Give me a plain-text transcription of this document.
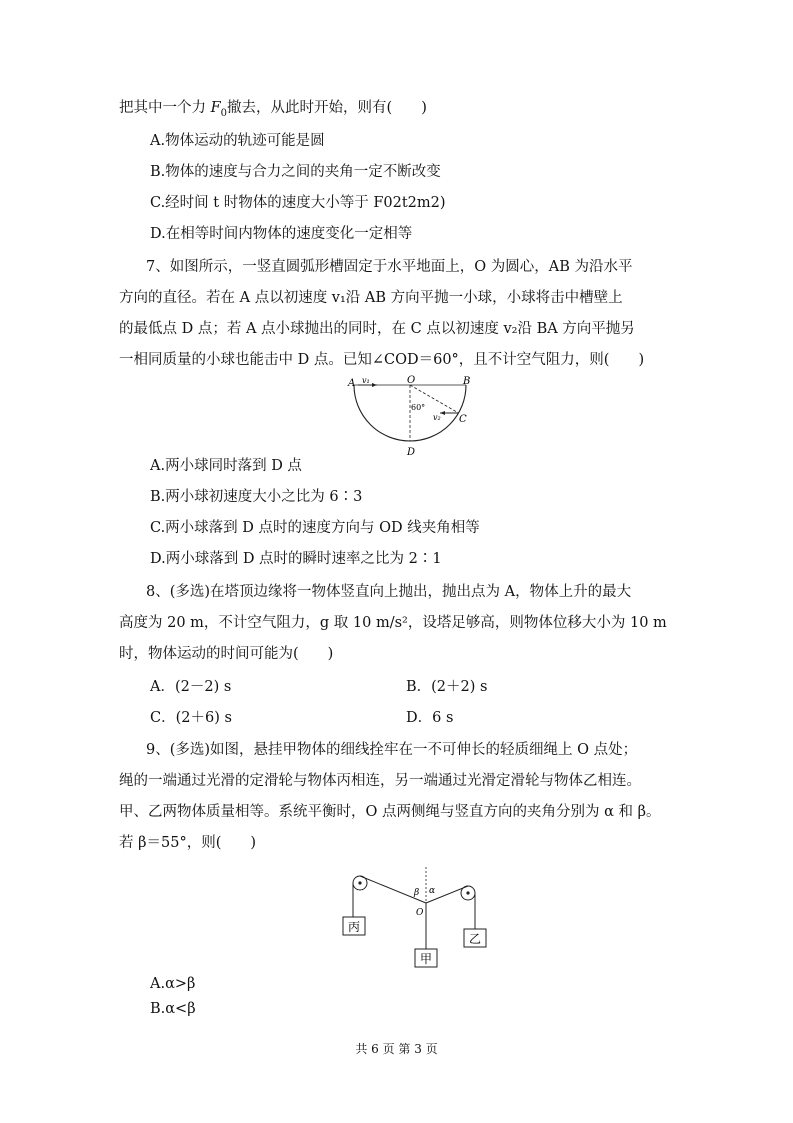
把其中一个力 $F_0$撤去，从此时开始，则有(　　)
A.物体运动的轨迹可能是圆
B.物体的速度与合力之间的夹角一定不断改变
C.经时间 t 时物体的速度大小等于 F02t2m2)
D.在相等时间内物体的速度变化一定相等
7、如图所示，一竖直圆弧形槽固定于水平地面上，O 为圆心，AB 为沿水平
方向的直径。若在 A 点以初速度 v₁沿 AB 方向平抛一小球，小球将击中槽壁上
的最低点 D 点；若 A 点小球抛出的同时，在 C 点以初速度 v₂沿 BA 方向平抛另
一相同质量的小球也能击中 D 点。已知∠COD＝60°，且不计空气阻力，则(　　)
A v₁	O	B
60°
v₂ C
D
A.两小球同时落到 D 点
B.两小球初速度大小之比为 6∶3
C.两小球落到 D 点时的速度方向与 OD 线夹角相等
D.两小球落到 D 点时的瞬时速率之比为 2∶1
8、(多选)在塔顶边缘将一物体竖直向上抛出，抛出点为 A，物体上升的最大
高度为 20 m，不计空气阻力，g 取 10 m/s²，设塔足够高，则物体位移大小为 10 m
时，物体运动的时间可能为(　　)
A．(2－2) s	B．(2＋2) s
C．(2＋6) s	D．6 s
9、(多选)如图，悬挂甲物体的细线拴牢在一不可伸长的轻质细绳上 O 点处；
绳的一端通过光滑的定滑轮与物体丙相连，另一端通过光滑定滑轮与物体乙相连。
甲、乙两物体质量相等。系统平衡时，O 点两侧绳与竖直方向的夹角分别为 α 和 β。
若 β＝55°，则(　　)
丙
甲
乙
O
α
β
A.α>β
B.α<β
共 6 页 第 3 页
